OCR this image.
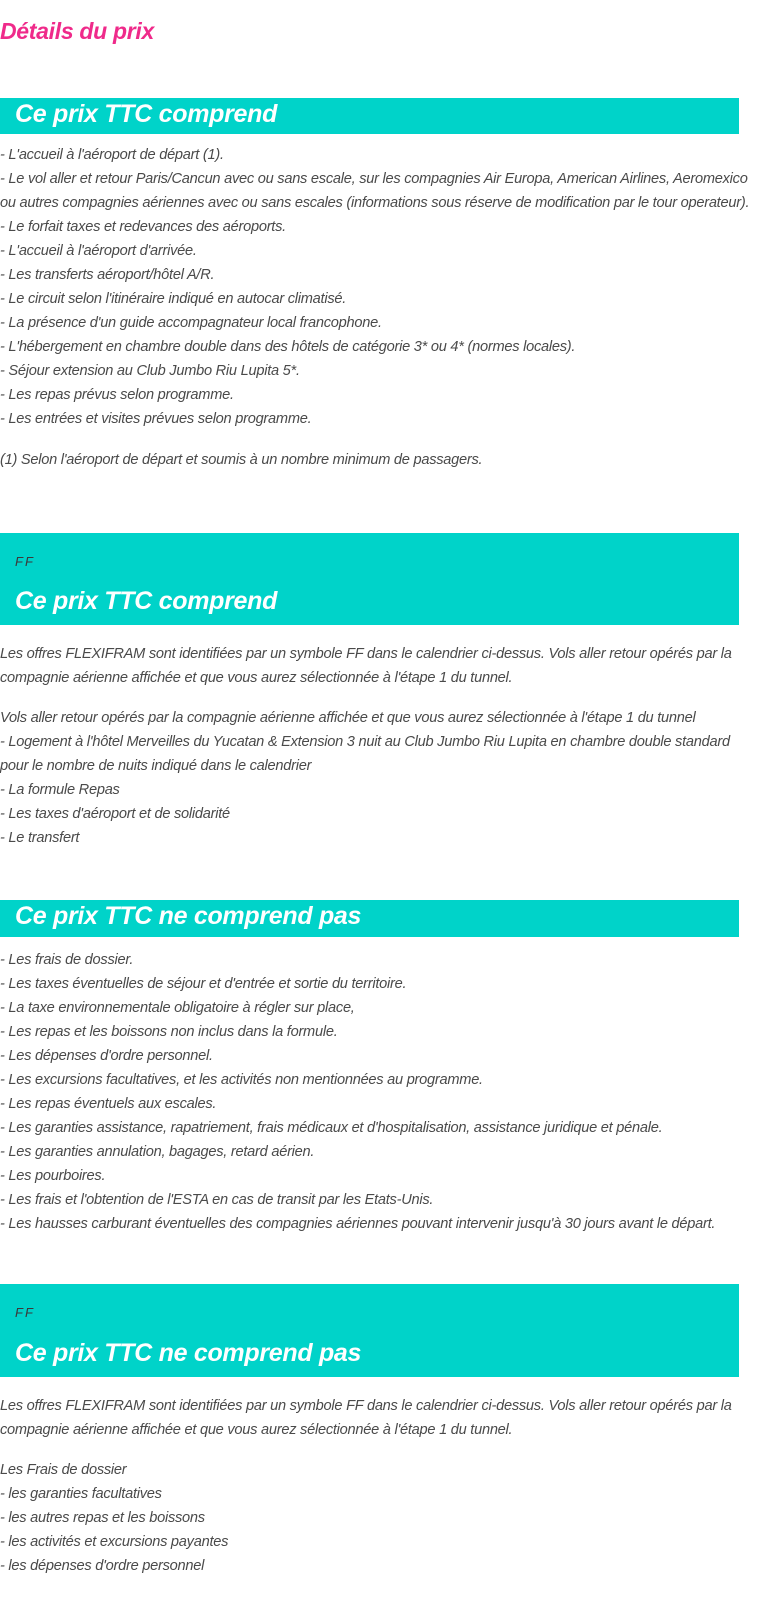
Détails du prix
Ce prix TTC comprend
- L'accueil à l'aéroport de départ (1).
- Le vol aller et retour Paris/Cancun avec ou sans escale, sur les compagnies Air Europa, American Airlines, Aeromexico
ou autres compagnies aériennes avec ou sans escales (informations sous réserve de modification par le tour operateur).
- Le forfait taxes et redevances des aéroports.
- L'accueil à l'aéroport d'arrivée.
- Les transferts aéroport/hôtel A/R.
- Le circuit selon l'itinéraire indiqué en autocar climatisé.
- La présence d'un guide accompagnateur local francophone.
- L'hébergement en chambre double dans des hôtels de catégorie 3* ou 4* (normes locales).
- Séjour extension au Club Jumbo Riu Lupita 5*.
- Les repas prévus selon programme.
- Les entrées et visites prévues selon programme.
(1) Selon l'aéroport de départ et soumis à un nombre minimum de passagers.
FF
Ce prix TTC comprend
Les offres FLEXIFRAM sont identifiées par un symbole FF dans le calendrier ci-dessus. Vols aller retour opérés par la
compagnie aérienne affichée et que vous aurez sélectionnée à l'étape 1 du tunnel.
Vols aller retour opérés par la compagnie aérienne affichée et que vous aurez sélectionnée à l'étape 1 du tunnel
- Logement à l'hôtel Merveilles du Yucatan & Extension 3 nuit au Club Jumbo Riu Lupita en chambre double standard
pour le nombre de nuits indiqué dans le calendrier
- La formule Repas
- Les taxes d'aéroport et de solidarité
- Le transfert
Ce prix TTC ne comprend pas
- Les frais de dossier.
- Les taxes éventuelles de séjour et d'entrée et sortie du territoire.
- La taxe environnementale obligatoire à régler sur place,
- Les repas et les boissons non inclus dans la formule.
- Les dépenses d'ordre personnel.
- Les excursions facultatives, et les activités non mentionnées au programme.
- Les repas éventuels aux escales.
- Les garanties assistance, rapatriement, frais médicaux et d'hospitalisation, assistance juridique et pénale.
- Les garanties annulation, bagages, retard aérien.
- Les pourboires.
- Les frais et l'obtention de l'ESTA en cas de transit par les Etats-Unis.
- Les hausses carburant éventuelles des compagnies aériennes pouvant intervenir jusqu'à 30 jours avant le départ.
FF
Ce prix TTC ne comprend pas
Les offres FLEXIFRAM sont identifiées par un symbole FF dans le calendrier ci-dessus. Vols aller retour opérés par la
compagnie aérienne affichée et que vous aurez sélectionnée à l'étape 1 du tunnel.
Les Frais de dossier
- les garanties facultatives
- les autres repas et les boissons
- les activités et excursions payantes
- les dépenses d'ordre personnel
